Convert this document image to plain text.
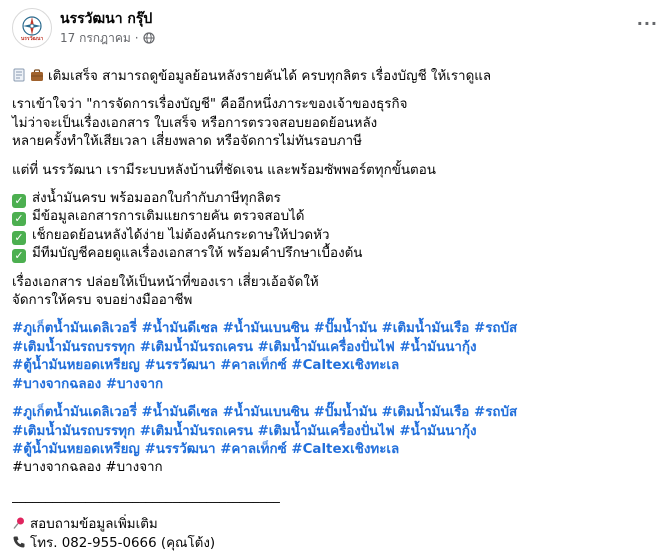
นรรวัฒนา
นรรวัฒนา กรุ๊ป
17 กรกฎาคม ·
···

เติมเสร็จ สามารถดูข้อมูลย้อนหลังรายคันได้ ครบทุกลิตร เรื่องบัญชี ให้เราดูแล

เราเข้าใจว่า "การจัดการเรื่องบัญชี" คืออีกหนึ่งภาระของเจ้าของธุรกิจ

ไม่ว่าจะเป็นเรื่องเอกสาร ใบเสร็จ หรือการตรวจสอบยอดย้อนหลัง

หลายครั้งทำให้เสียเวลา เสี่ยงพลาด หรือจัดการไม่ทันรอบภาษี

แต่ที่ นรรวัฒนา เรามีระบบหลังบ้านที่ชัดเจน และพร้อมซัพพอร์ตทุกขั้นตอน

✓ ส่งน้ำมันครบ พร้อมออกใบกำกับภาษีทุกลิตร

✓ มีข้อมูลเอกสารการเติมแยกรายคัน ตรวจสอบได้

✓ เช็กยอดย้อนหลังได้ง่าย ไม่ต้องค้นกระดาษให้ปวดหัว

✓ มีทีมบัญชีคอยดูแลเรื่องเอกสารให้ พร้อมคำปรึกษาเบื้องต้น

เรื่องเอกสาร ปล่อยให้เป็นหน้าที่ของเรา เสี่ยวเอ้อจัดให้

จัดการให้ครบ จบอย่างมืออาชีพ

#ภูเก็ตน้ำมันเดลิเวอรี่ #น้ำมันดีเซล #น้ำมันเบนซิน #ปั๊มน้ำมัน #เติมน้ำมันเรือ #รถบัส

#เติมน้ำมันรถบรรทุก #เติมน้ำมันรถเครน #เติมน้ำมันเครื่องปั่นไฟ #น้ำมันนากุ้ง

#ตู้น้ำมันหยอดเหรียญ #นรรวัฒนา #คาลเท็กซ์ #Caltexเชิงทะเล

#บางจากฉลอง #บางจาก

#ภูเก็ตน้ำมันเดลิเวอรี่ #น้ำมันดีเซล #น้ำมันเบนซิน #ปั๊มน้ำมัน #เติมน้ำมันเรือ #รถบัส

#เติมน้ำมันรถบรรทุก #เติมน้ำมันรถเครน #เติมน้ำมันเครื่องปั่นไฟ #น้ำมันนากุ้ง

#ตู้น้ำมันหยอดเหรียญ #นรรวัฒนา #คาลเท็กซ์ #Caltexเชิงทะเล

#บางจากฉลอง #บางจาก

________________________________________

สอบถามข้อมูลเพิ่มเติม

โทร. 082-955-0666 (คุณโต้ง)
